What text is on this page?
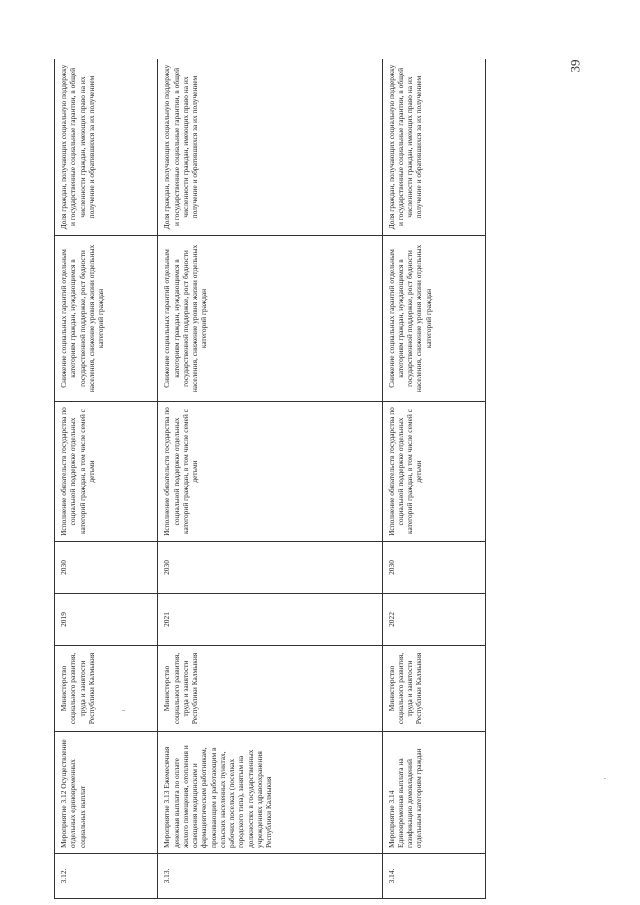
39
3.12.	Мероприятие 3.12 Осуществление отдельных единовременных социальных выплат	Министерство социального развития, труда и занятости Республики Калмыкия	2019	2030	Исполнение обязательств государства по социальной поддержке отдельных категорий граждан, в том числе семей с детьми	Снижение социальных гарантий отдельным категориям граждан, нуждающимся в государственной поддержке, рост бедности населения, снижение уровня жизни отдельных категорий граждан	Доля граждан, получающих социальную поддержку и государственные социальные гарантии, в общей численности граждан, имеющих право на их получение и обратившихся за их получением
3.13.	Мероприятие 3.13 Ежемесячная денежная выплата по оплате жилого помещения, отопления и освещения медицинским и фармацевтическим работникам, проживающим и работающим в сельских населенных пунктах, рабочих поселках (поселках городского типа), занятым на должностях в государственных учреждениях здравоохранения Республики Калмыкия	Министерство социального развития, труда и занятости Республики Калмыкия	2021	2030	Исполнение обязательств государства по социальной поддержке отдельных категорий граждан, в том числе семей с детьми	Снижение социальных гарантий отдельным категориям граждан, нуждающимся в государственной поддержке, рост бедности населения, снижение уровня жизни отдельных категорий граждан	Доля граждан, получающих социальную поддержку и государственные социальные гарантии, в общей численности граждан, имеющих право на их получение и обратившихся за их получением
3.14.	Мероприятие 3.14 Единовременная выплата на газификацию домовладений отдельным категориям граждан	Министерство социального развития, труда и занятости Республики Калмыкия	2022	2030	Исполнение обязательств государства по социальной поддержке отдельных категорий граждан, в том числе семей с детьми	Снижение социальных гарантий отдельным категориям граждан, нуждающимся в государственной поддержке, рост бедности населения, снижение уровня жизни отдельных категорий граждан	Доля граждан, получающих социальную поддержку и государственные социальные гарантии, в общей численности граждан, имеющих право на их получение и обратившихся за их получением
